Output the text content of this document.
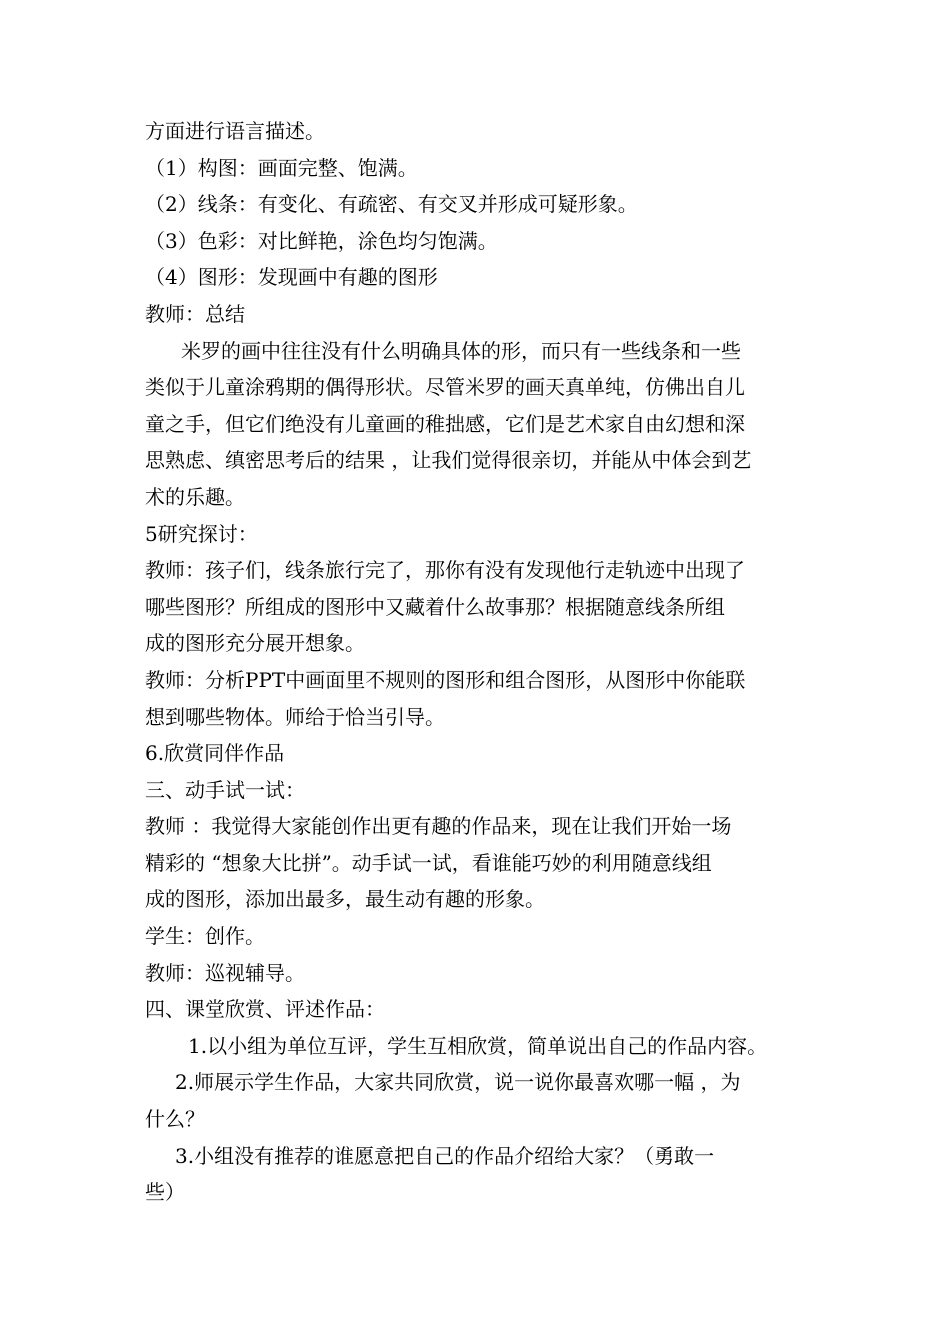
方面进行语言描述。
（1）构图：画面完整、饱满。
（2）线条：有变化、有疏密、有交叉并形成可疑形象。
（3）色彩：对比鲜艳，涂色均匀饱满。
（4）图形：发现画中有趣的图形
教师：总结
米罗的画中往往没有什么明确具体的形，而只有一些线条和一些
类似于儿童涂鸦期的偶得形状。尽管米罗的画天真单纯，仿佛出自儿
童之手，但它们绝没有儿童画的稚拙感，它们是艺术家自由幻想和深
思熟虑、缜密思考后的结果 ，让我们觉得很亲切，并能从中体会到艺
术的乐趣。
5研究探讨：
教师：孩子们，线条旅行完了，那你有没有发现他行走轨迹中出现了
哪些图形？所组成的图形中又藏着什么故事那？根据随意线条所组
成的图形充分展开想象。
教师：分析PPT中画面里不规则的图形和组合图形，从图形中你能联
想到哪些物体。师给于恰当引导。
6.欣赏同伴作品
三、动手试一试：
教师 ：我觉得大家能创作出更有趣的作品来，现在让我们开始一场
精彩的 “想象大比拼”。动手试一试，看谁能巧妙的利用随意线组
成的图形，添加出最多，最生动有趣的形象。
学生：创作。
教师：巡视辅导。
四、课堂欣赏、评述作品：
1.以小组为单位互评，学生互相欣赏，简单说出自己的作品内容。
2.师展示学生作品，大家共同欣赏，说一说你最喜欢哪一幅 ，为
什么？
3.小组没有推荐的谁愿意把自己的作品介绍给大家？（勇敢一
些）
